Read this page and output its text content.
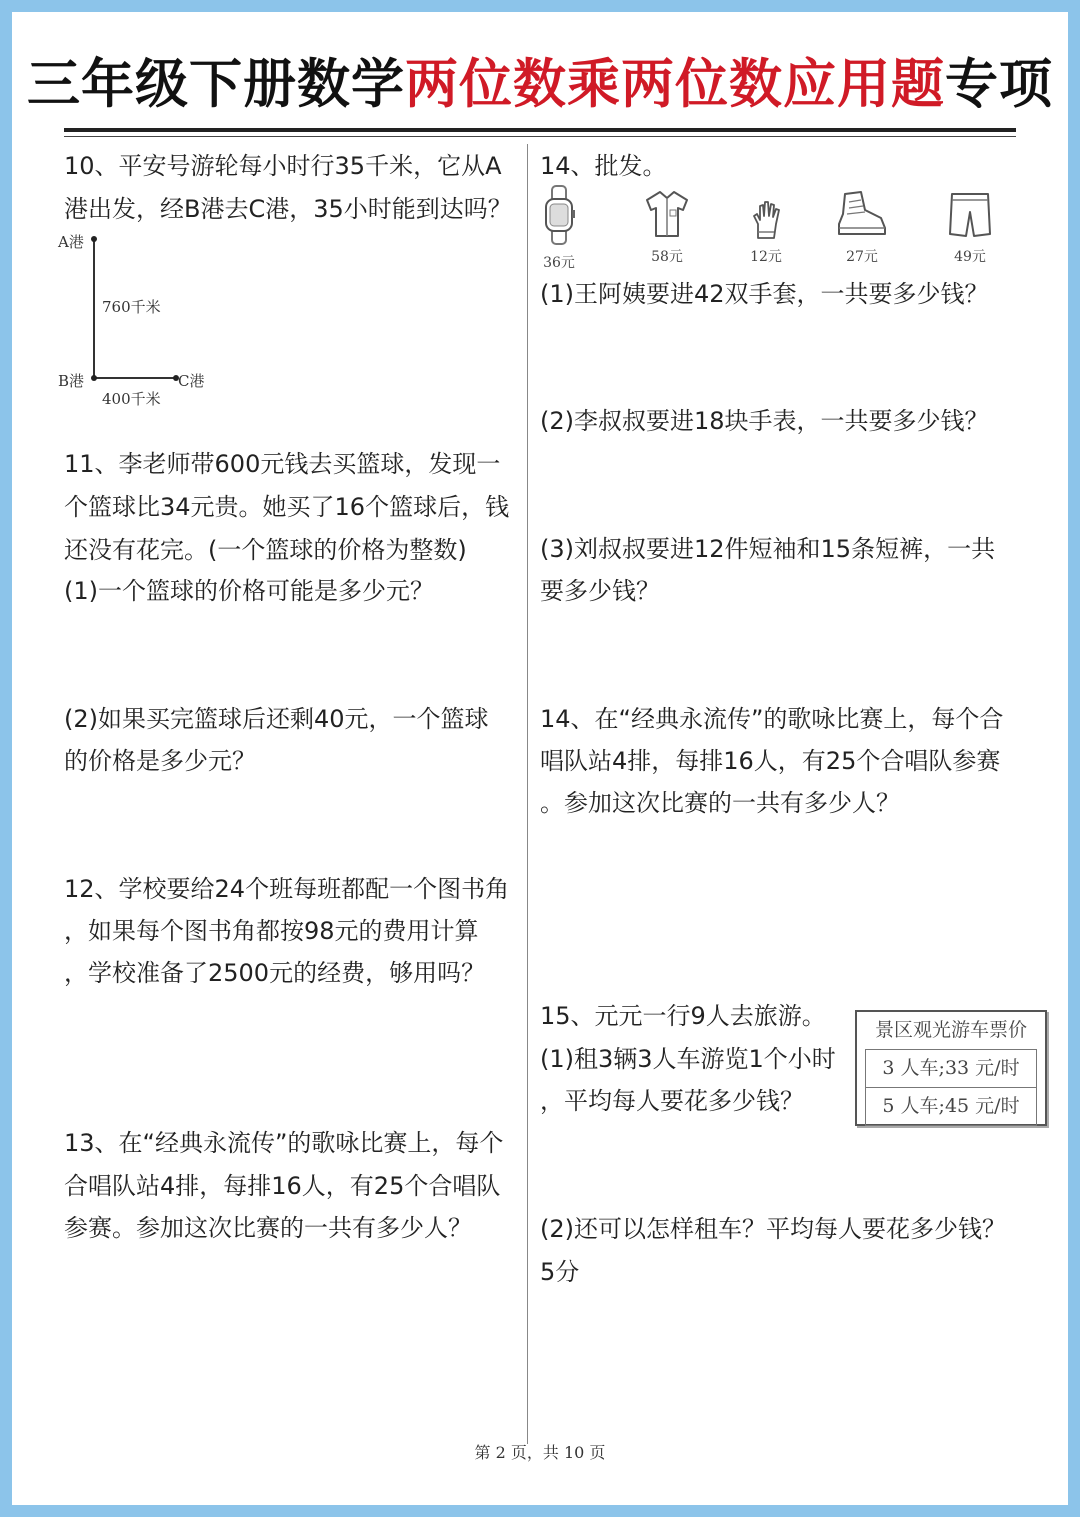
三年级下册数学两位数乘两位数应用题专项
10、平安号游轮每小时行35千米，它从A
港出发，经B港去C港，35小时能到达吗？
A港
760千米
B港	C港
400千米
11、李老师带600元钱去买篮球，发现一
个篮球比34元贵。她买了16个篮球后，钱
还没有花完。(一个篮球的价格为整数)
(1)一个篮球的价格可能是多少元？
(2)如果买完篮球后还剩40元，一个篮球
的价格是多少元？
12、学校要给24个班每班都配一个图书角
，如果每个图书角都按98元的费用计算
，学校准备了2500元的经费，够用吗？
13、在“经典永流传”的歌咏比赛上，每个
合唱队站4排，每排16人，有25个合唱队
参赛。参加这次比赛的一共有多少人？
14、批发。
36元	58元	12元	27元	49元
(1)王阿姨要进42双手套，一共要多少钱？
(2)李叔叔要进18块手表，一共要多少钱？
(3)刘叔叔要进12件短袖和15条短裤，一共
要多少钱？
14、在“经典永流传”的歌咏比赛上，每个合
唱队站4排，每排16人，有25个合唱队参赛
。参加这次比赛的一共有多少人？
15、元元一行9人去旅游。
(1)租3辆3人车游览1个小时
，平均每人要花多少钱？
景区观光游车票价
3 人车;33 元/时
5 人车;45 元/时
(2)还可以怎样租车？平均每人要花多少钱？
5分
第 2 页，共 10 页
